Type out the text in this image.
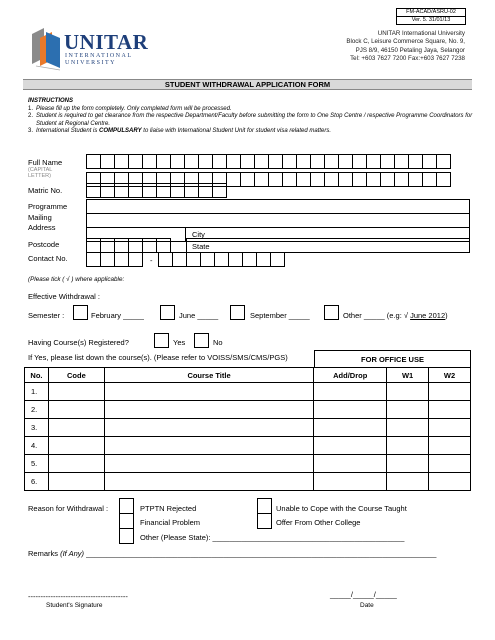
FM-ACAD/ASRU-02
Ver. 5. 31/01/13
UNITAR
INTERNATIONAL
UNIVERSITY
UNITAR International University
Block C, Leisure Commerce Square, No. 9,
PJS 8/9, 46150 Petaling Jaya, Selangor
Tel: +603 7627 7200 Fax:+603 7627 7238
STUDENT WITHDRAWAL APPLICATION FORM
INSTRUCTIONS
1. Please fill up the form completely. Only completed form will be processed.
2. Student is required to get clearance from the respective Department/Faculty before submitting the form to One Stop Centre / respective Programme Coordinators for Student at Regional Centre.
3. International Student is COMPULSARY to liaise with International Student Unit for student visa related matters.
Full Name
(CAPITAL
LETTER)
Matric No.
Programme
Mailing
Address
City
Postcode	State
Contact No.	-
(Please tick ( √ ) where applicable:
Effective Withdrawal :
Semester :	February _____	June _____	September _____	Other _____ (e.g: √ June 2012)
Having Course(s) Registered?	Yes	No
If Yes, please list down the course(s). (Please refer to VOISS/SMS/CMS/PGS)	FOR OFFICE USE
No.	Code	Course Title	Add/Drop	W1	W2
1.					
2.					
3.					
4.					
5.					
6.					
Reason for Withdrawal :	PTPTN Rejected
Financial Problem
Other (Please State): ______________________________________________
Unable to Cope with the Course Taught
Offer From Other College
Remarks (If Any) ____________________________________________________________________________________
----------------------------------------
Student's Signature
_____/_____/_____
Date
